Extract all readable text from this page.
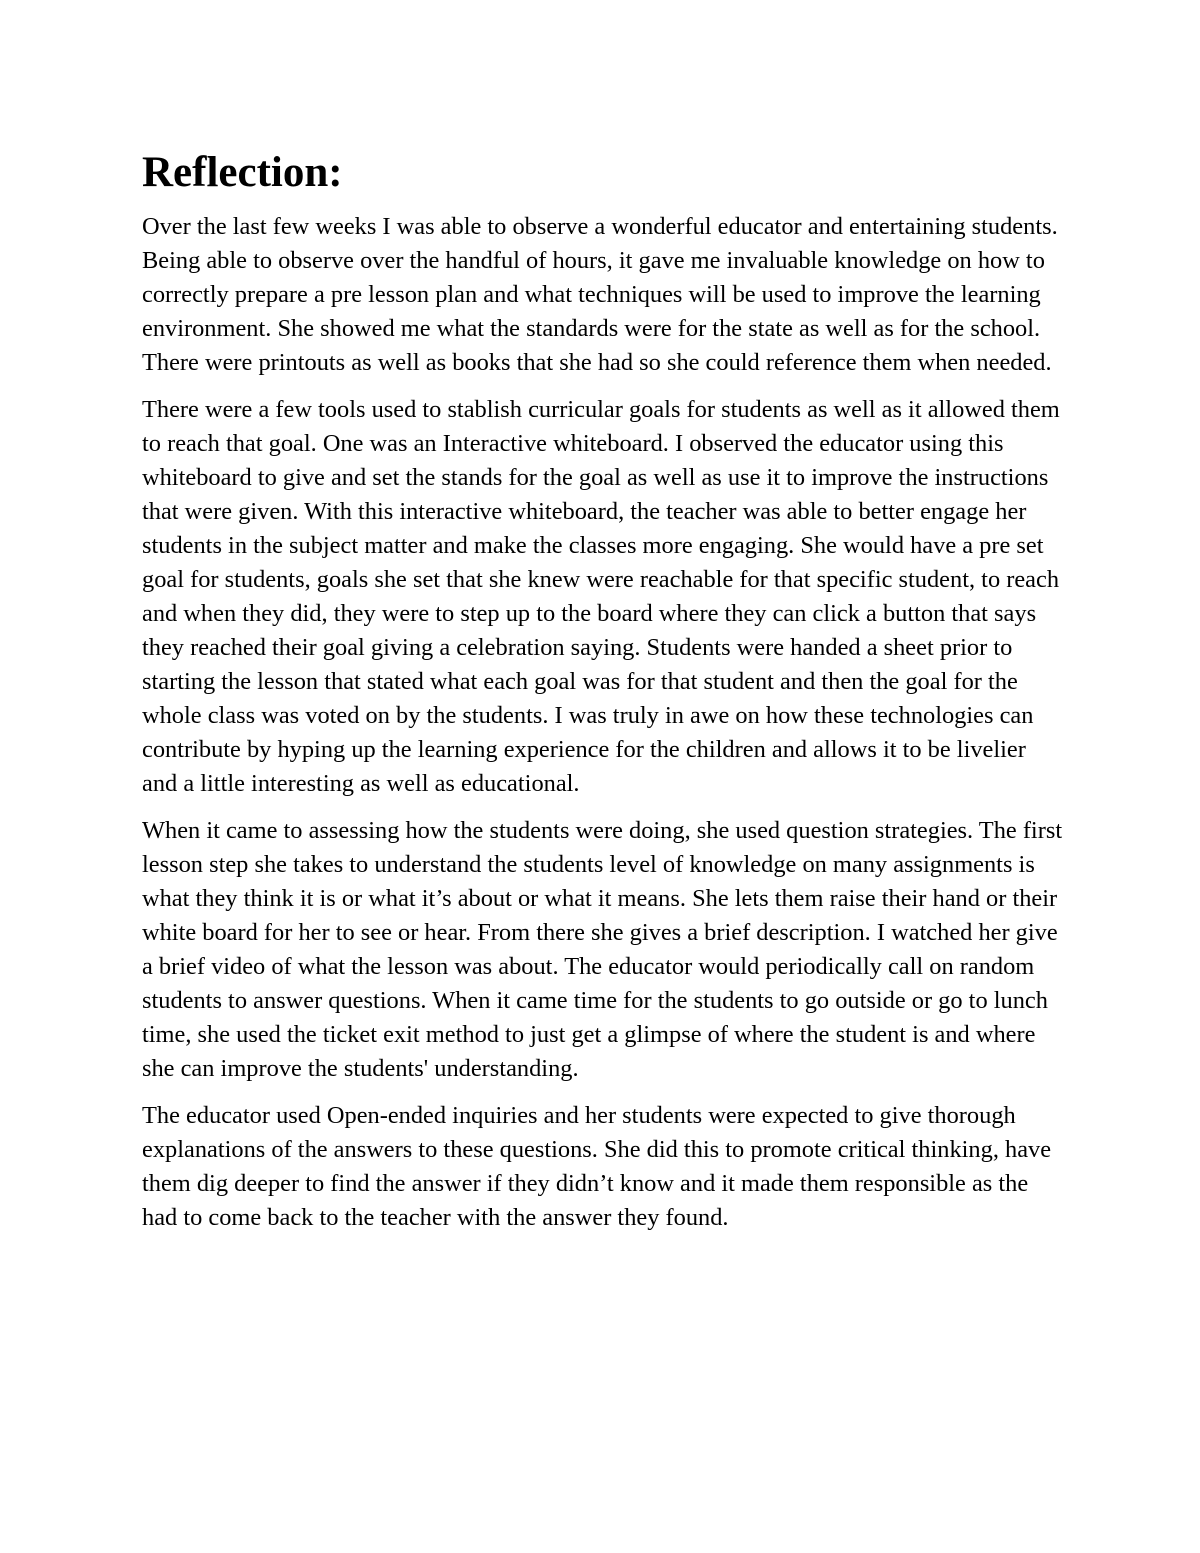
Reflection:

Over the last few weeks I was able to observe a wonderful educator and entertaining students. Being able to observe over the handful of hours, it gave me invaluable knowledge on how to correctly prepare a pre lesson plan and what techniques will be used to improve the learning environment. She showed me what the standards were for the state as well as for the school. There were printouts as well as books that she had so she could reference them when needed.

There were a few tools used to stablish curricular goals for students as well as it allowed them to reach that goal. One was an Interactive whiteboard. I observed the educator using this whiteboard to give and set the stands for the goal as well as use it to improve the instructions that were given. With this interactive whiteboard, the teacher was able to better engage her students in the subject matter and make the classes more engaging. She would have a pre set goal for students, goals she set that she knew were reachable for that specific student, to reach and when they did, they were to step up to the board where they can click a button that says they reached their goal giving a celebration saying. Students were handed a sheet prior to starting the lesson that stated what each goal was for that student and then the goal for the whole class was voted on by the students. I was truly in awe on how these technologies can contribute by hyping up the learning experience for the children and allows it to be livelier and a little interesting as well as educational.

When it came to assessing how the students were doing, she used question strategies. The first lesson step she takes to understand the students level of knowledge on many assignments is what they think it is or what it’s about or what it means. She lets them raise their hand or their white board for her to see or hear. From there she gives a brief description. I watched her give a brief video of what the lesson was about. The educator would periodically call on random students to answer questions. When it came time for the students to go outside or go to lunch time, she used the ticket exit method to just get a glimpse of where the student is and where she can improve the students' understanding.

The educator used Open-ended inquiries and her students were expected to give thorough explanations of the answers to these questions. She did this to promote critical thinking, have them dig deeper to find the answer if they didn’t know and it made them responsible as the had to come back to the teacher with the answer they found.
